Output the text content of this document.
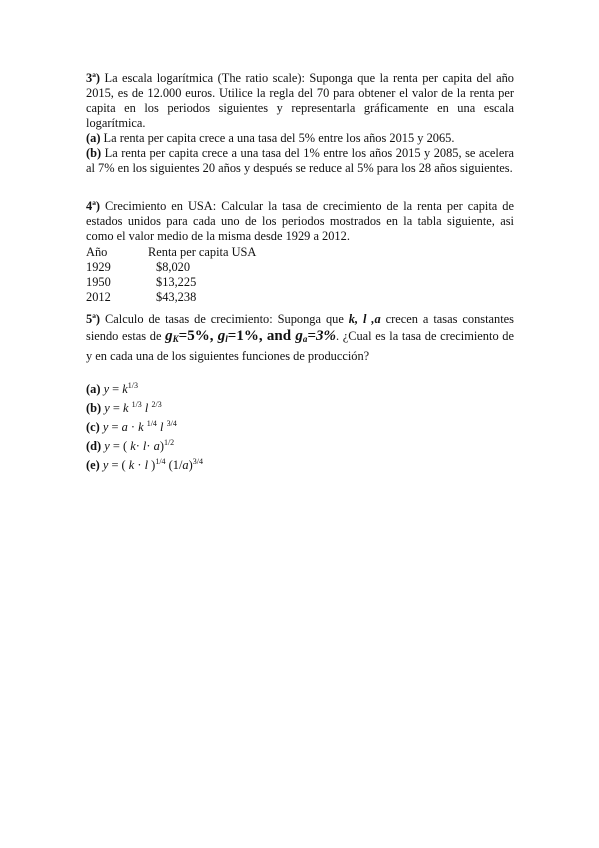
3ª) La escala logarítmica (The ratio scale): Suponga que la renta per capita del año 2015, es de 12.000 euros. Utilice la regla del 70 para obtener el valor de la renta per capita en los periodos siguientes y representarla gráficamente en una escala logarítmica.

(a) La renta per capita crece a una tasa del 5% entre los años 2015 y 2065.

(b) La renta per capita crece a una tasa del 1% entre los años 2015 y 2085, se acelera al 7% en los siguientes 20 años y después se reduce al 5% para los 28 años siguientes.

4ª) Crecimiento en USA: Calcular la tasa de crecimiento de la renta per capita de estados unidos para cada uno de los periodos mostrados en la tabla siguiente, asi como el valor medio de la misma desde 1929 a 2012.

Año	Renta per capita USA
1929	$8,020
1950	$13,225
2012	$43,238

5ª) Calculo de tasas de crecimiento: Suponga que k, l ,a crecen a tasas constantes siendo estas de $g_K=5\%$, $g_l=1\%$, and $g_a=3\%$. ¿Cual es la tasa de crecimiento de y en cada una de los siguientes funciones de producción?

(a) $y = k^{1/3}$

(b) y = k $^{1/3}$ l $^{2/3}$

(c) y = a · k $^{1/4}$ l $^{3/4}$

(d) y = ( k· l· a)$^{1/2}$

(e) y = ( k · l )$^{1/4}$ $(1/a)^{3/4}$
